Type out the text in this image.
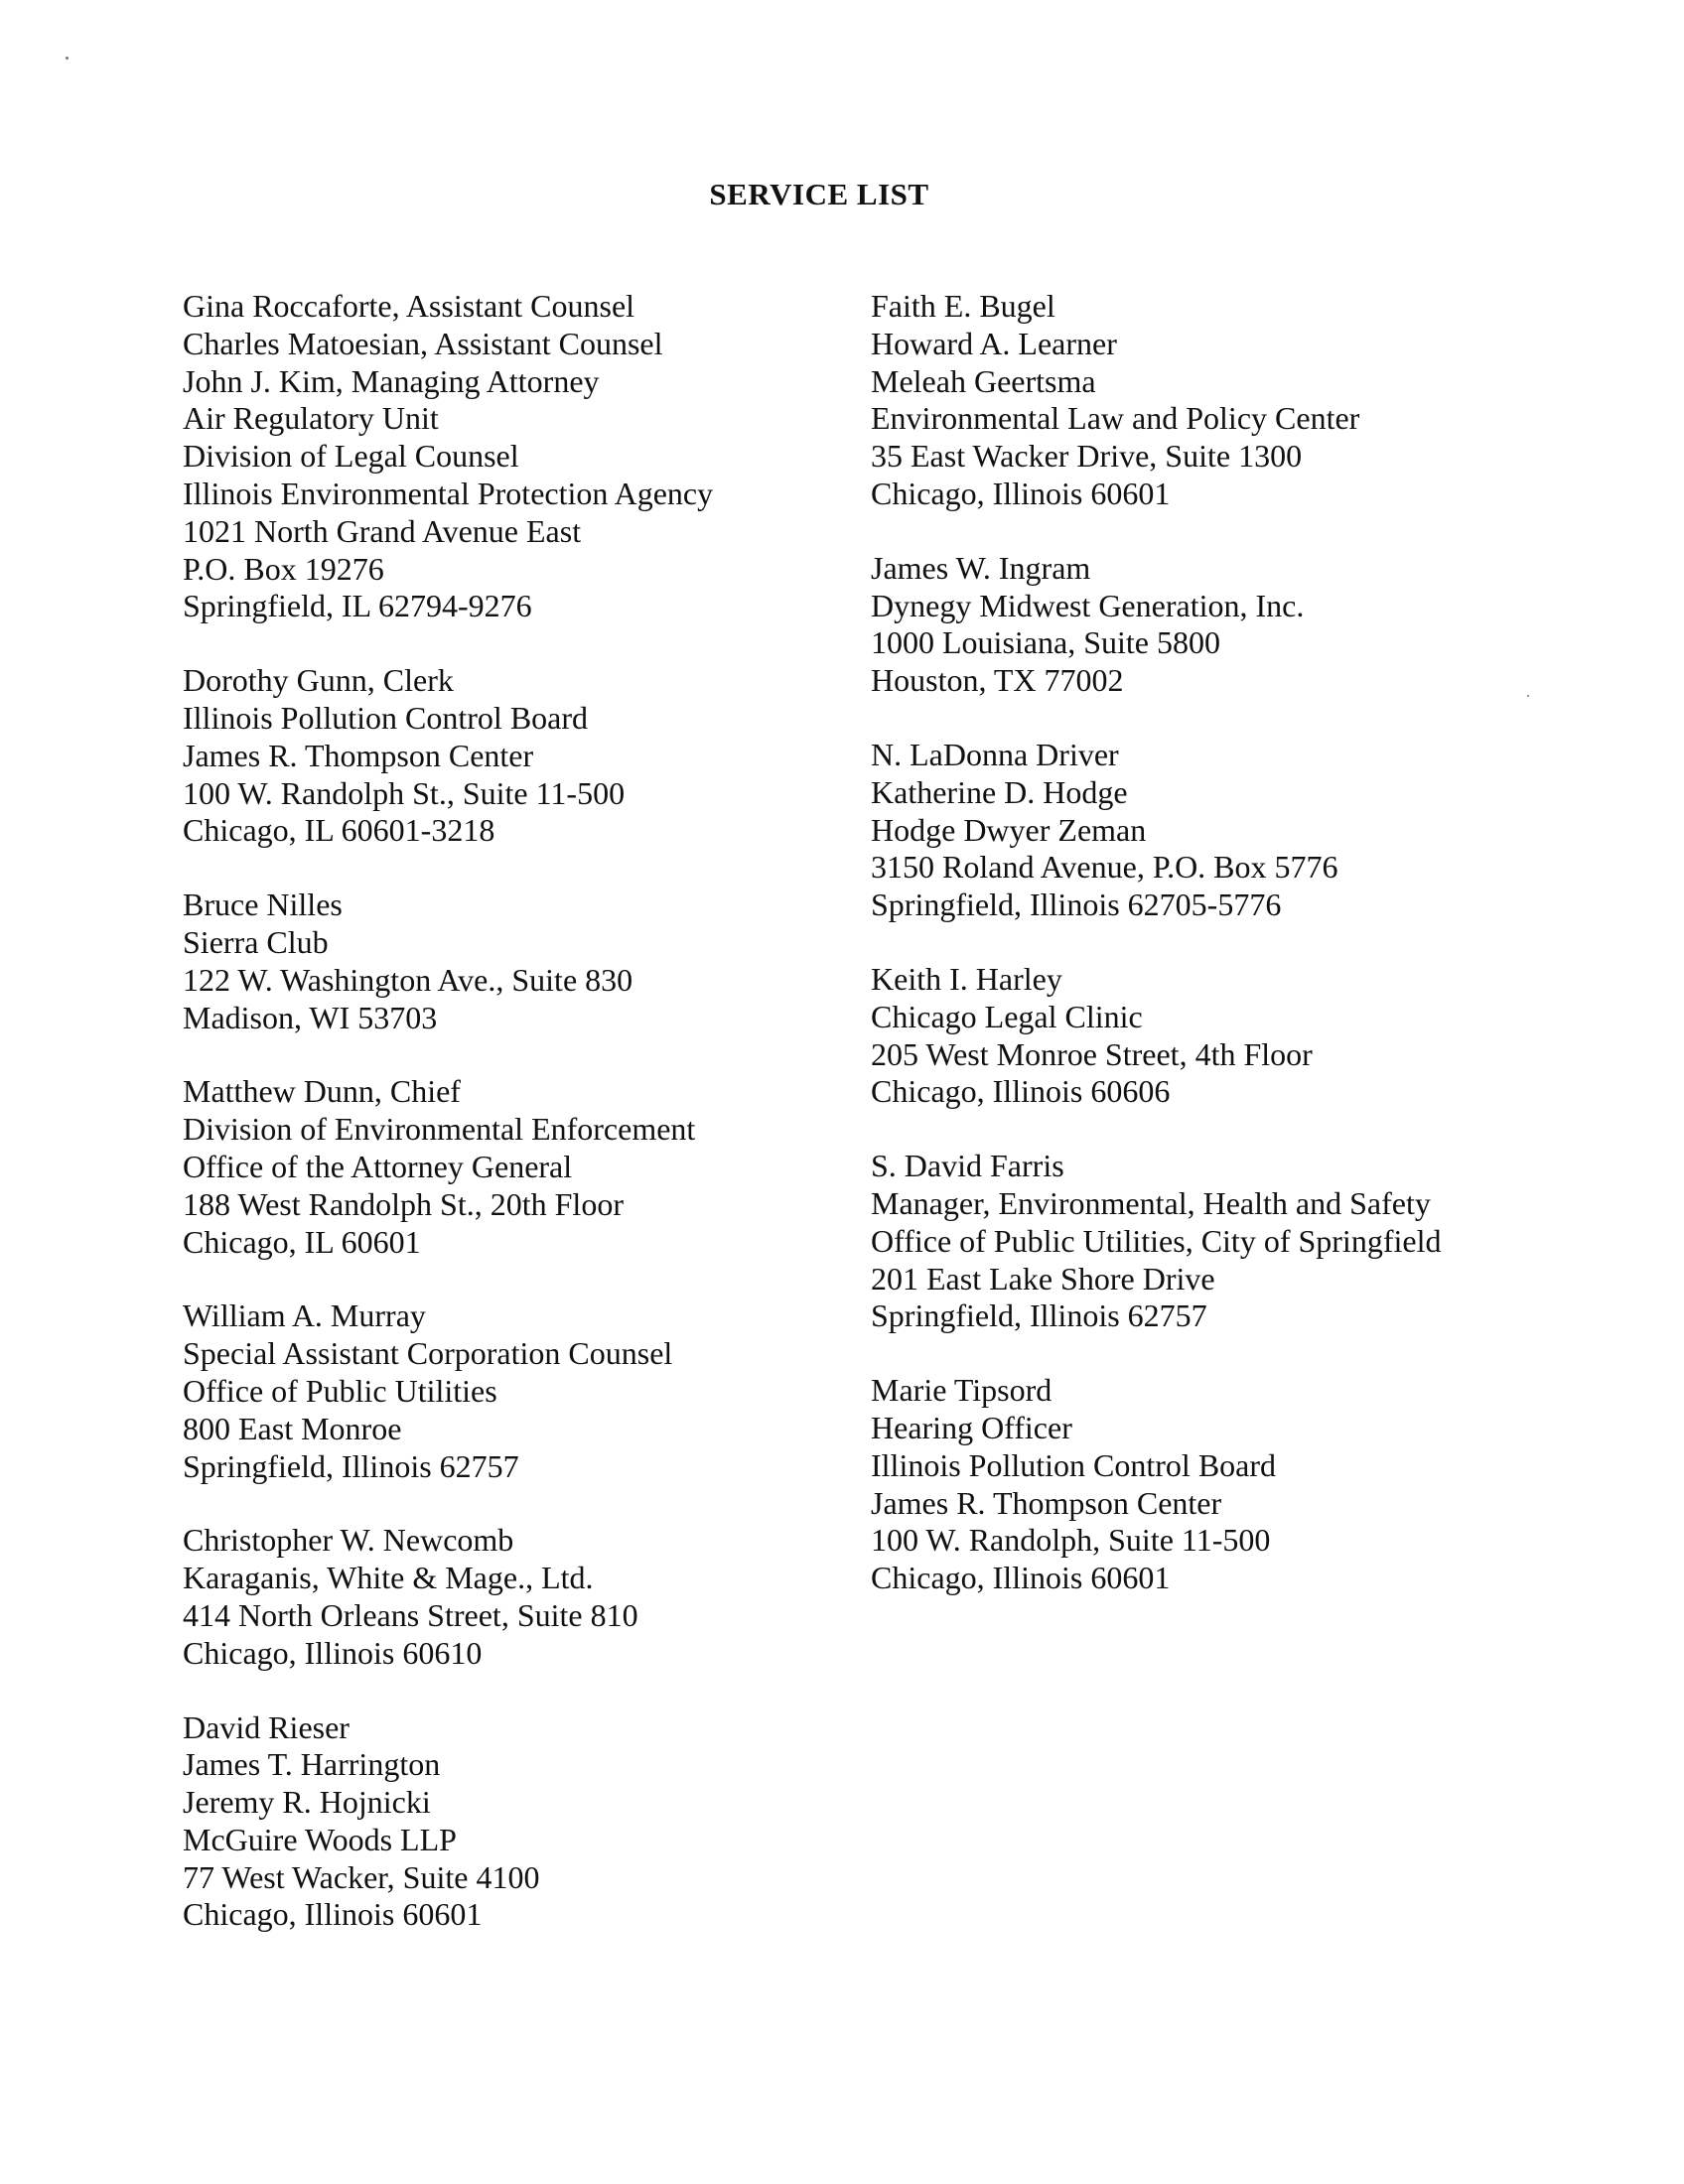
SERVICE LIST
Gina Roccaforte, Assistant Counsel
Charles Matoesian, Assistant Counsel
John J. Kim, Managing Attorney
Air Regulatory Unit
Division of Legal Counsel
Illinois Environmental Protection Agency
1021 North Grand Avenue East
P.O. Box 19276
Springfield, IL 62794-9276
Dorothy Gunn, Clerk
Illinois Pollution Control Board
James R. Thompson Center
100 W. Randolph St., Suite 11-500
Chicago, IL 60601-3218
Bruce Nilles
Sierra Club
122 W. Washington Ave., Suite 830
Madison, WI 53703
Matthew Dunn, Chief
Division of Environmental Enforcement
Office of the Attorney General
188 West Randolph St., 20th Floor
Chicago, IL 60601
William A. Murray
Special Assistant Corporation Counsel
Office of Public Utilities
800 East Monroe
Springfield, Illinois 62757
Christopher W. Newcomb
Karaganis, White & Mage., Ltd.
414 North Orleans Street, Suite 810
Chicago, Illinois 60610
David Rieser
James T. Harrington
Jeremy R. Hojnicki
McGuire Woods LLP
77 West Wacker, Suite 4100
Chicago, Illinois 60601
Faith E. Bugel
Howard A. Learner
Meleah Geertsma
Environmental Law and Policy Center
35 East Wacker Drive, Suite 1300
Chicago, Illinois 60601
James W. Ingram
Dynegy Midwest Generation, Inc.
1000 Louisiana, Suite 5800
Houston, TX 77002
N. LaDonna Driver
Katherine D. Hodge
Hodge Dwyer Zeman
3150 Roland Avenue, P.O. Box 5776
Springfield, Illinois 62705-5776
Keith I. Harley
Chicago Legal Clinic
205 West Monroe Street, 4th Floor
Chicago, Illinois 60606
S. David Farris
Manager, Environmental, Health and Safety
Office of Public Utilities, City of Springfield
201 East Lake Shore Drive
Springfield, Illinois 62757
Marie Tipsord
Hearing Officer
Illinois Pollution Control Board
James R. Thompson Center
100 W. Randolph, Suite 11-500
Chicago, Illinois 60601
